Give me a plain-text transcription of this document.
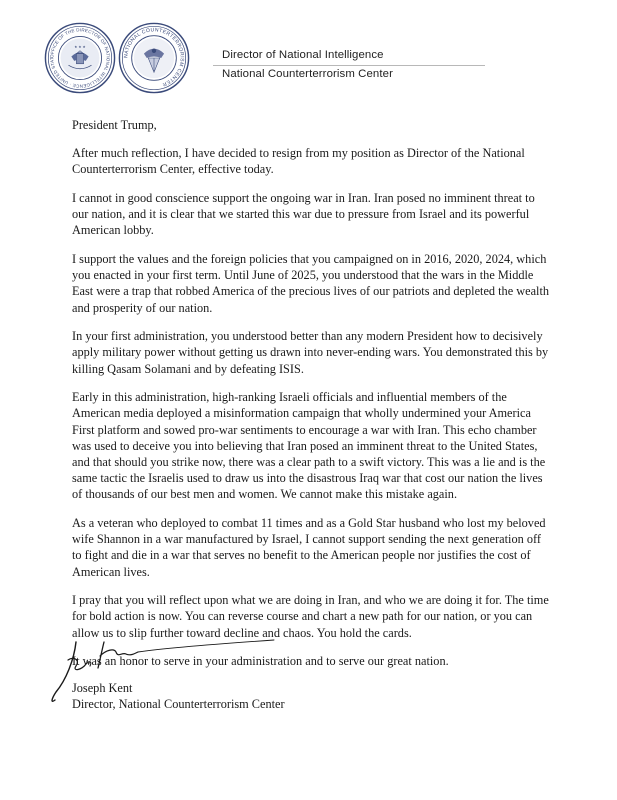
OFFICE OF THE DIRECTOR OF NATIONAL INTELLIGENCE · UNITED STAT
★ ★ ★
NATIONAL COUNTERTERRORISM CENTER
Director of National Intelligence
National Counterterrorism Center

President Trump,

After much reflection, I have decided to resign from my position as Director of the National Counterterrorism Center, effective today.

I cannot in good conscience support the ongoing war in Iran. Iran posed no imminent threat to our nation, and it is clear that we started this war due to pressure from Israel and its powerful American lobby.

I support the values and the foreign policies that you campaigned on in 2016, 2020, 2024, which you enacted in your first term. Until June of 2025, you understood that the wars in the Middle East were a trap that robbed America of the precious lives of our patriots and depleted the wealth and prosperity of our nation.

In your first administration, you understood better than any modern President how to decisively apply military power without getting us drawn into never-ending wars. You demonstrated this by killing Qasam Solamani and by defeating ISIS.

Early in this administration, high-ranking Israeli officials and influential members of the American media deployed a misinformation campaign that wholly undermined your America First platform and sowed pro-war sentiments to encourage a war with Iran. This echo chamber was used to deceive you into believing that Iran posed an imminent threat to the United States, and that should you strike now, there was a clear path to a swift victory. This was a lie and is the same tactic the Israelis used to draw us into the disastrous Iraq war that cost our nation the lives of thousands of our best men and women. We cannot make this mistake again.

As a veteran who deployed to combat 11 times and as a Gold Star husband who lost my beloved wife Shannon in a war manufactured by Israel, I cannot support sending the next generation off to fight and die in a war that serves no benefit to the American people nor justifies the cost of American lives.

I pray that you will reflect upon what we are doing in Iran, and who we are doing it for. The time for bold action is now. You can reverse course and chart a new path for our nation, or you can allow us to slip further toward decline and chaos. You hold the cards.

It was an honor to serve in your administration and to serve our great nation.

Joseph Kent
Director, National Counterterrorism Center
